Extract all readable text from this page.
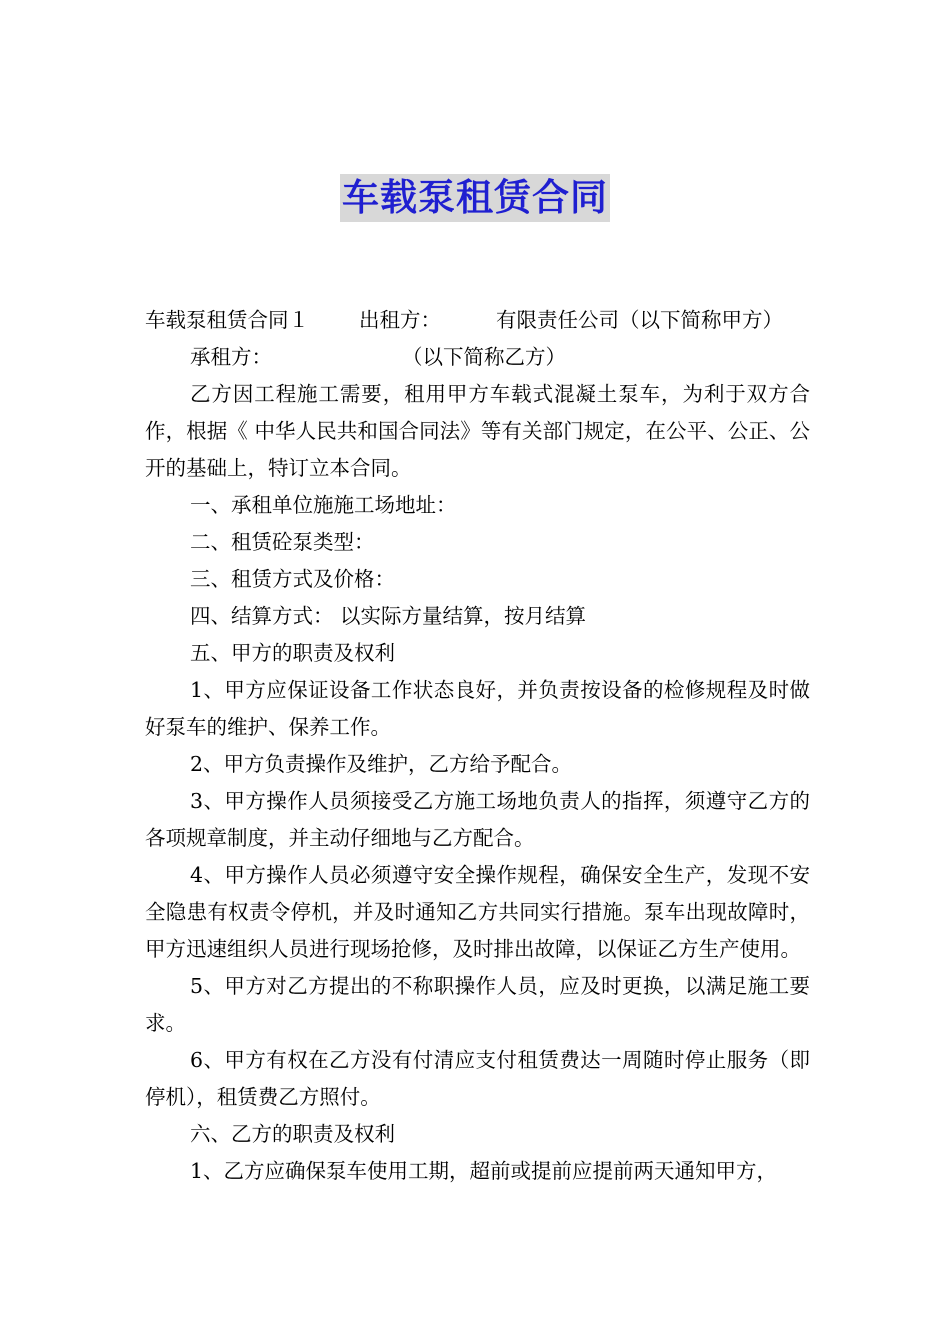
车载泵租赁合同

车载泵租赁合同１ 出租方：	有限责任公司（以下简称甲方）

承租方：	（以下简称乙方）

乙方因工程施工需要，租用甲方车载式混凝土泵车，为利于双方合作，根据《 中华人民共和国合同法》等有关部门规定，在公平、公正、公开的基础上，特订立本合同。

一、承租单位施施工场地址：

二、租赁砼泵类型：

三、租赁方式及价格：

四、结算方式： 以实际方量结算，按月结算

五、甲方的职责及权利

1、甲方应保证设备工作状态良好，并负责按设备的检修规程及时做好泵车的维护、保养工作。

2、甲方负责操作及维护，乙方给予配合。

3、甲方操作人员须接受乙方施工场地负责人的指挥，须遵守乙方的各项规章制度，并主动仔细地与乙方配合。

4、甲方操作人员必须遵守安全操作规程，确保安全生产，发现不安全隐患有权责令停机，并及时通知乙方共同实行措施。泵车出现故障时，甲方迅速组织人员进行现场抢修，及时排出故障，以保证乙方生产使用。

5、甲方对乙方提出的不称职操作人员，应及时更换，以满足施工要求。

6、甲方有权在乙方没有付清应支付租赁费达一周随时停止服务（即停机），租赁费乙方照付。

六、乙方的职责及权利

1、乙方应确保泵车使用工期，超前或提前应提前两天通知甲方，
